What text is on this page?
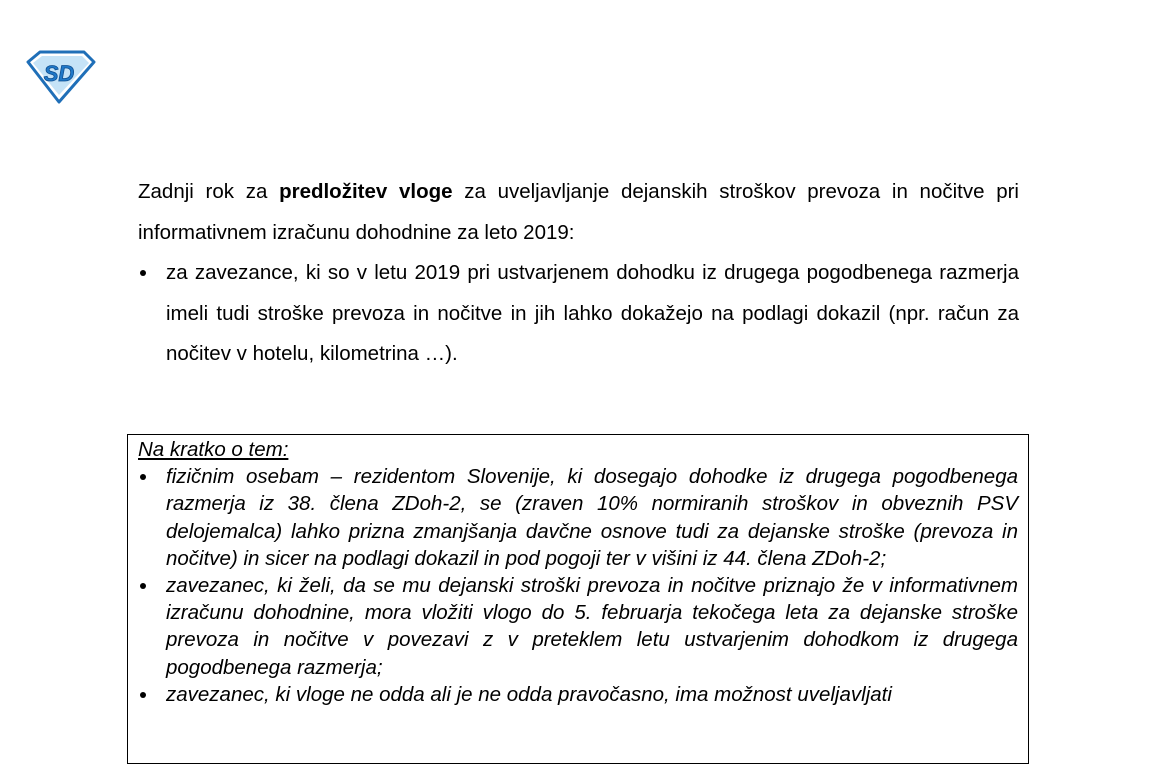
SD

Zadnji rok za predložitev vloge za uveljavljanje dejanskih stroškov prevoza in nočitve pri informativnem izračunu dohodnine za leto 2019:

za zavezance, ki so v letu 2019 pri ustvarjenem dohodku iz drugega pogodbenega razmerja imeli tudi stroške prevoza in nočitve in jih lahko dokažejo na podlagi dokazil (npr. račun za nočitev v hotelu, kilometrina …).
Na kratko o tem:
fizičnim osebam – rezidentom Slovenije, ki dosegajo dohodke iz drugega pogodbenega razmerja iz 38. člena ZDoh-2, se (zraven 10% normiranih stroškov in obveznih PSV delojemalca) lahko prizna zmanjšanja davčne osnove tudi za dejanske stroške (prevoza in nočitve) in sicer na podlagi dokazil in pod pogoji ter v višini iz 44. člena ZDoh-2;
zavezanec, ki želi, da se mu dejanski stroški prevoza in nočitve priznajo že v informativnem izračunu dohodnine, mora vložiti vlogo do 5. februarja tekočega leta za dejanske stroške prevoza in nočitve v povezavi z v preteklem letu ustvarjenim dohodkom iz drugega pogodbenega razmerja;
zavezanec, ki vloge ne odda ali je ne odda pravočasno, ima možnost uveljavljati
